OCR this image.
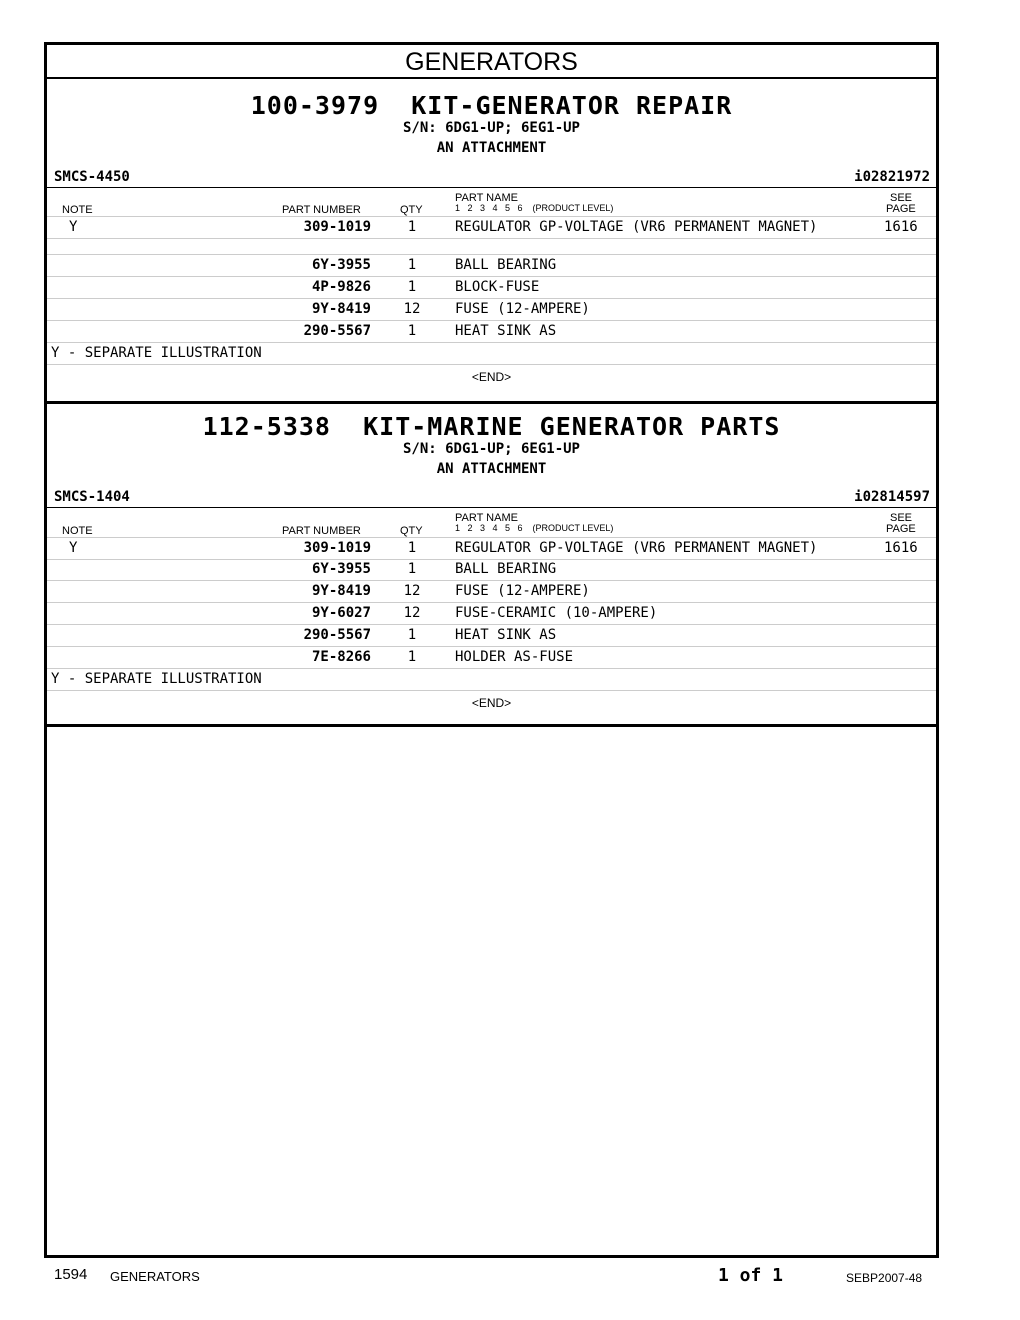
GENERATORS
100-3979 KIT-GENERATOR REPAIR
S/N: 6DG1-UP; 6EG1-UP
AN ATTACHMENT
SMCS-4450	i02821972
NOTE	PART NUMBER	QTY
PART NAME
1   2   3   4   5   6    (PRODUCT LEVEL)
SEE
PAGE
Y	309-1019	1	REGULATOR GP-VOLTAGE (VR6 PERMANENT MAGNET)	1616
6Y-3955	1	BALL BEARING
4P-9826	1	BLOCK-FUSE
9Y-8419	12	FUSE (12-AMPERE)
290-5567	1	HEAT SINK AS
Y - SEPARATE ILLUSTRATION
<END>
112-5338 KIT-MARINE GENERATOR PARTS
S/N: 6DG1-UP; 6EG1-UP
AN ATTACHMENT
SMCS-1404	i02814597
NOTE	PART NUMBER	QTY
PART NAME
1   2   3   4   5   6    (PRODUCT LEVEL)
SEE
PAGE
Y	309-1019	1	REGULATOR GP-VOLTAGE (VR6 PERMANENT MAGNET)	1616
6Y-3955	1	BALL BEARING
9Y-8419	12	FUSE (12-AMPERE)
9Y-6027	12	FUSE-CERAMIC (10-AMPERE)
290-5567	1	HEAT SINK AS
7E-8266	1	HOLDER AS-FUSE
Y - SEPARATE ILLUSTRATION
<END>
1594 GENERATORS	1 of 1	SEBP2007-48
